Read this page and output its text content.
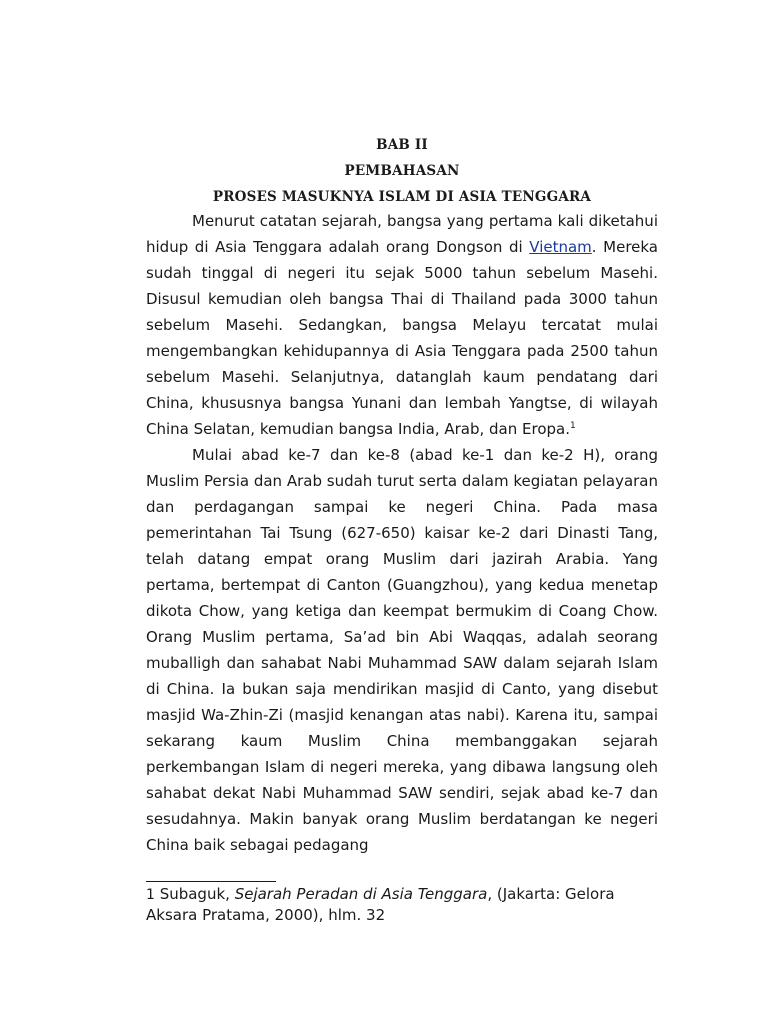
BAB II
PEMBAHASAN
PROSES MASUKNYA ISLAM DI ASIA TENGGARA

Menurut catatan sejarah, bangsa yang pertama kali diketahui hidup di Asia Tenggara adalah orang Dongson di Vietnam. Mereka sudah tinggal di negeri itu sejak 5000 tahun sebelum Masehi. Disusul kemudian oleh bangsa Thai di Thailand pada 3000 tahun sebelum Masehi. Sedangkan, bangsa Melayu tercatat mulai mengembangkan kehidupannya di Asia Tenggara pada 2500 tahun sebelum Masehi. Selanjutnya, datanglah kaum pendatang dari China, khususnya bangsa Yunani dan lembah Yangtse, di wilayah China Selatan, kemudian bangsa India, Arab, dan Eropa.$^1$

Mulai abad ke-7 dan ke-8 (abad ke-1 dan ke-2 H), orang Muslim Persia dan Arab sudah turut serta dalam kegiatan pelayaran dan perdagangan sampai ke negeri China. Pada masa pemerintahan Tai Tsung (627-650) kaisar ke-2 dari Dinasti Tang, telah datang empat orang Muslim dari jazirah Arabia. Yang pertama, bertempat di Canton (Guangzhou), yang kedua menetap dikota Chow, yang ketiga dan keempat bermukim di Coang Chow. Orang Muslim pertama, Sa’ad bin Abi Waqqas, adalah seorang muballigh dan sahabat Nabi Muhammad SAW dalam sejarah Islam di China. Ia bukan saja mendirikan masjid di Canto, yang disebut masjid Wa-Zhin-Zi (masjid kenangan atas nabi). Karena itu, sampai sekarang kaum Muslim China membanggakan sejarah perkembangan Islam di negeri mereka, yang dibawa langsung oleh sahabat dekat Nabi Muhammad SAW sendiri, sejak abad ke-7 dan sesudahnya. Makin banyak orang Muslim berdatangan ke negeri China baik sebagai pedagang

1 Subaguk, Sejarah Peradan di Asia Tenggara, (Jakarta: Gelora Aksara Pratama, 2000), hlm. 32
